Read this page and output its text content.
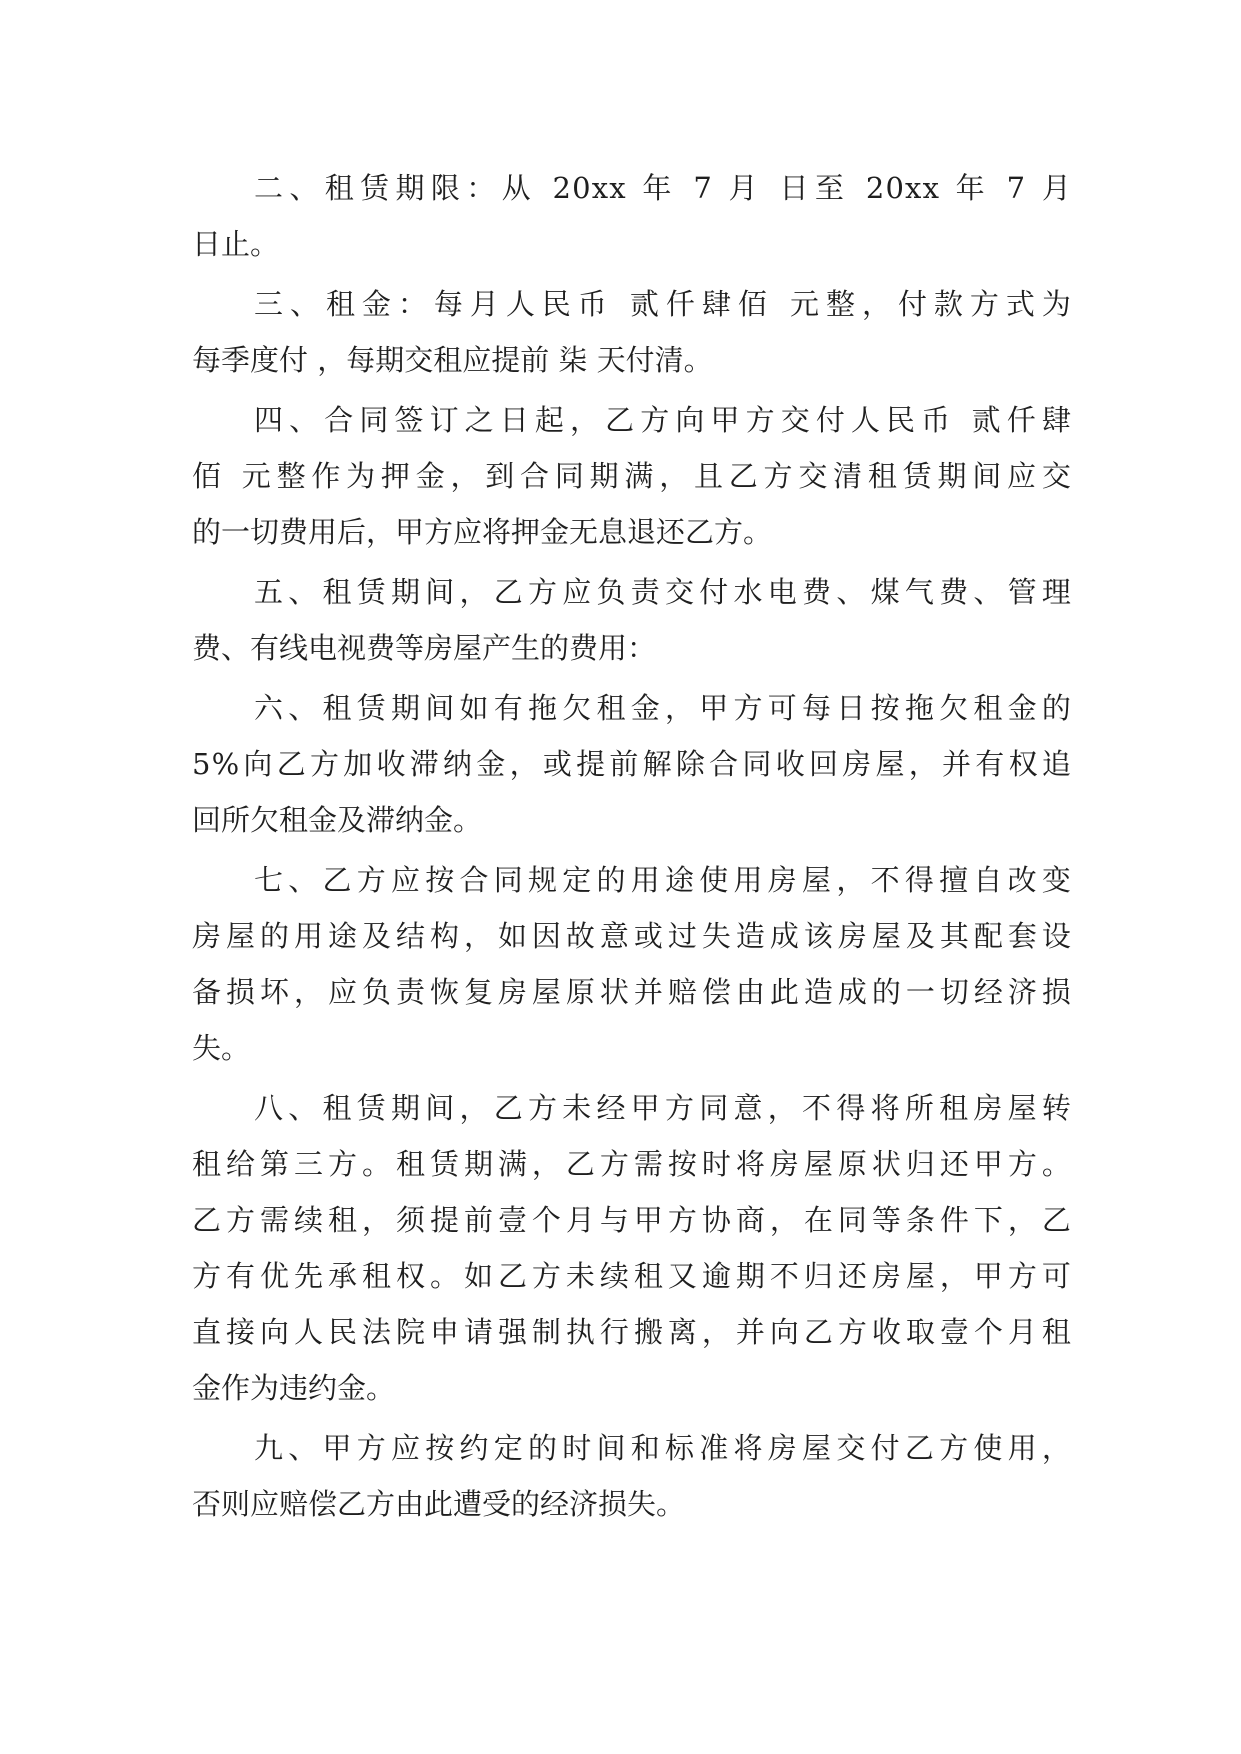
二、租赁期限：从 20xx 年 7 月 日至 20xx 年 7 月
日止。
三、租金：每月人民币 贰仟肆佰 元整，付款方式为
每季度付 ，每期交租应提前 柒 天付清。
四、合同签订之日起，乙方向甲方交付人民币 贰仟肆
佰 元整作为押金，到合同期满，且乙方交清租赁期间应交
的一切费用后，甲方应将押金无息退还乙方。
五、租赁期间，乙方应负责交付水电费、煤气费、管理
费、有线电视费等房屋产生的费用：
六、租赁期间如有拖欠租金，甲方可每日按拖欠租金的
5%向乙方加收滞纳金，或提前解除合同收回房屋，并有权追
回所欠租金及滞纳金。
七、乙方应按合同规定的用途使用房屋，不得擅自改变
房屋的用途及结构，如因故意或过失造成该房屋及其配套设
备损坏，应负责恢复房屋原状并赔偿由此造成的一切经济损
失。
八、租赁期间，乙方未经甲方同意，不得将所租房屋转
租给第三方。租赁期满，乙方需按时将房屋原状归还甲方。
乙方需续租，须提前壹个月与甲方协商，在同等条件下，乙
方有优先承租权。如乙方未续租又逾期不归还房屋，甲方可
直接向人民法院申请强制执行搬离，并向乙方收取壹个月租
金作为违约金。
九、甲方应按约定的时间和标准将房屋交付乙方使用，
否则应赔偿乙方由此遭受的经济损失。
